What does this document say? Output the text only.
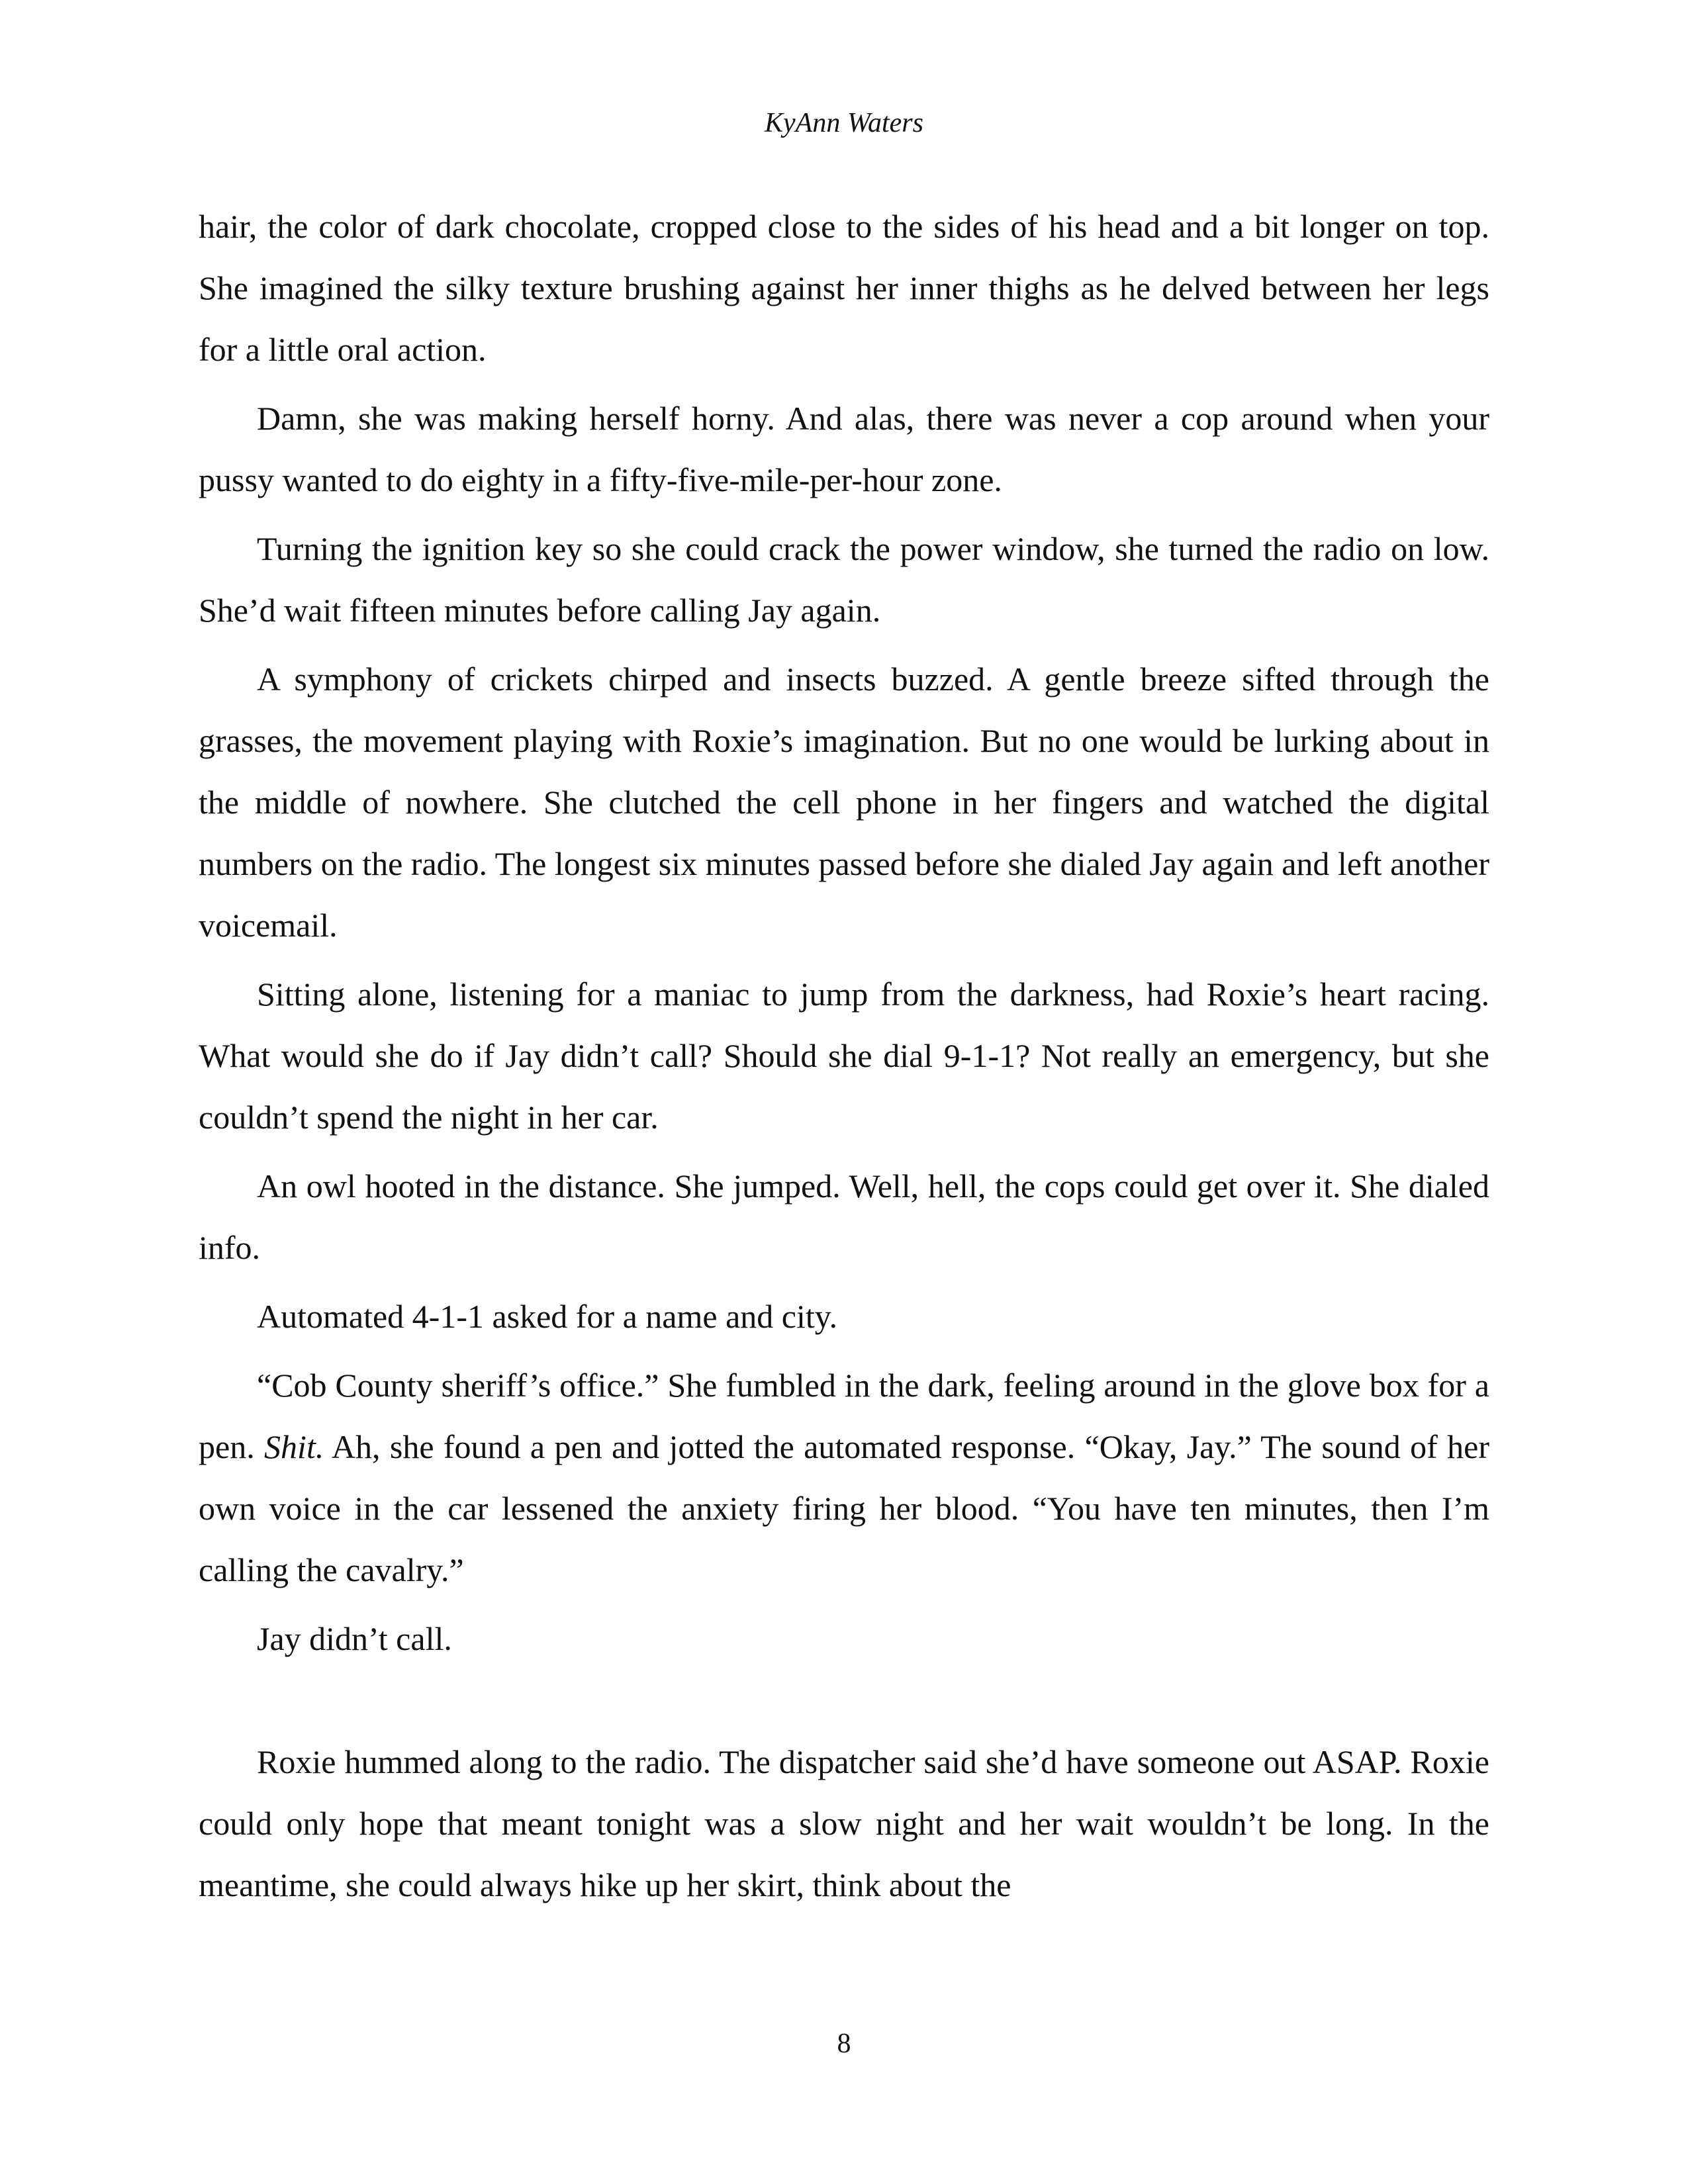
KyAnn Waters

hair, the color of dark chocolate, cropped close to the sides of his head and a bit longer on top. She imagined the silky texture brushing against her inner thighs as he delved between her legs for a little oral action.

Damn, she was making herself horny. And alas, there was never a cop around when your pussy wanted to do eighty in a fifty-five-mile-per-hour zone.

Turning the ignition key so she could crack the power window, she turned the radio on low. She’d wait fifteen minutes before calling Jay again.

A symphony of crickets chirped and insects buzzed. A gentle breeze sifted through the grasses, the movement playing with Roxie’s imagination. But no one would be lurking about in the middle of nowhere. She clutched the cell phone in her fingers and watched the digital numbers on the radio. The longest six minutes passed before she dialed Jay again and left another voicemail.

Sitting alone, listening for a maniac to jump from the darkness, had Roxie’s heart racing. What would she do if Jay didn’t call? Should she dial 9-1-1? Not really an emergency, but she couldn’t spend the night in her car.

An owl hooted in the distance. She jumped. Well, hell, the cops could get over it. She dialed info.

Automated 4-1-1 asked for a name and city.

“Cob County sheriff’s office.” She fumbled in the dark, feeling around in the glove box for a pen. Shit. Ah, she found a pen and jotted the automated response. “Okay, Jay.” The sound of her own voice in the car lessened the anxiety firing her blood. “You have ten minutes, then I’m calling the cavalry.”

Jay didn’t call.

Roxie hummed along to the radio. The dispatcher said she’d have someone out ASAP. Roxie could only hope that meant tonight was a slow night and her wait wouldn’t be long. In the meantime, she could always hike up her skirt, think about the

8
